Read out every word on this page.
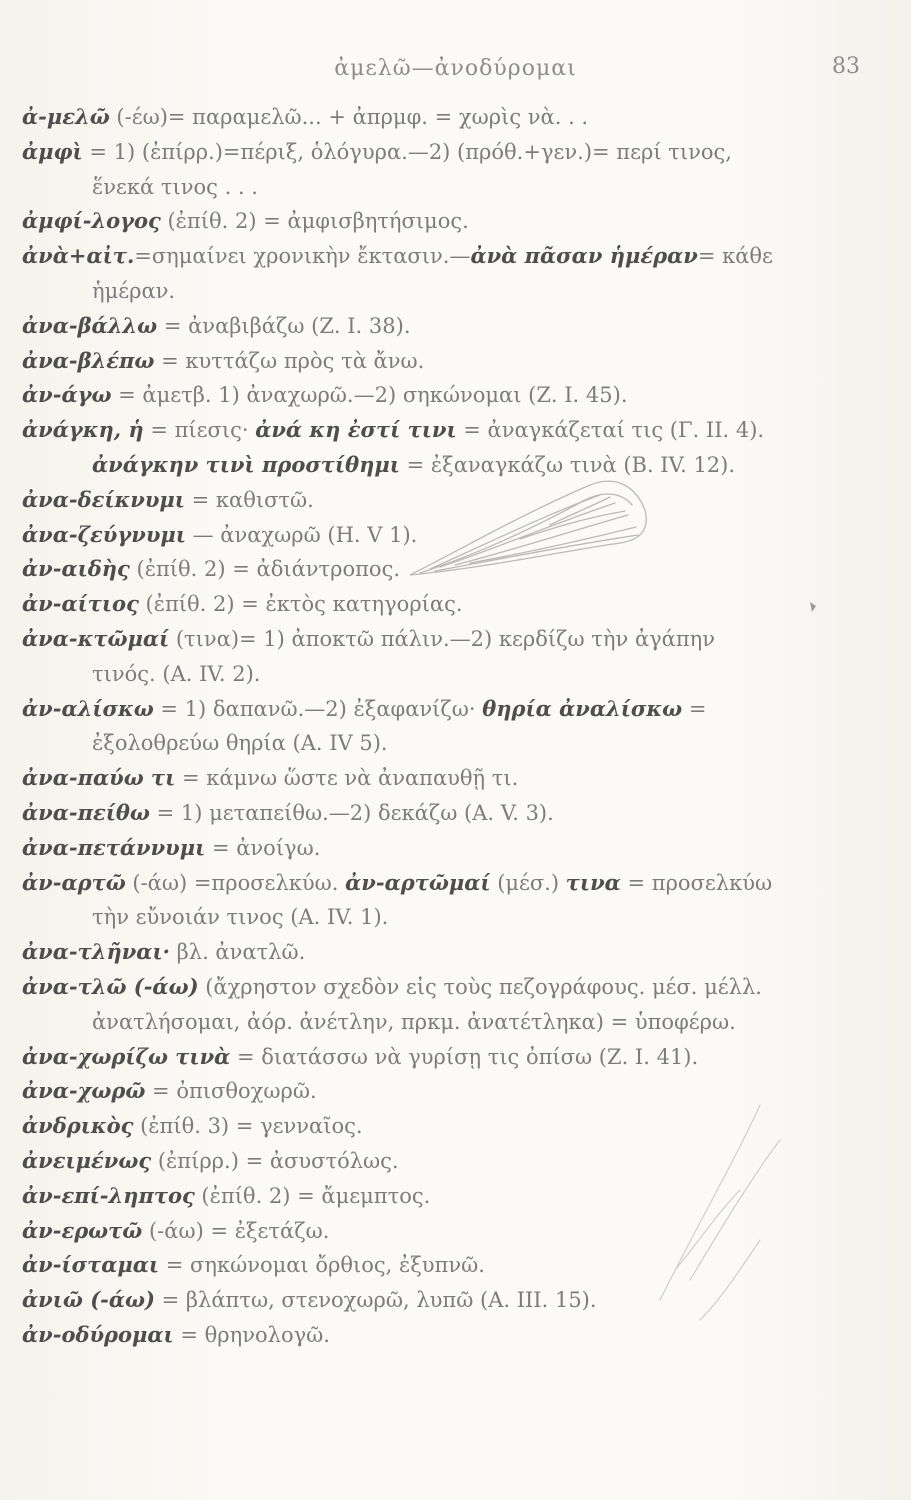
ἀμελῶ—ἀνοδύρομαι	83

ἀ-μελῶ (-έω)= παραμελῶ... + ἀπρμφ. = χωρὶς νὰ. . .

ἀμφὶ = 1) (ἐπίρρ.)=πέριξ, ὁλόγυρα.—2) (πρόθ.+γεν.)= περί τινος, ἕνεκά τινος . . .

ἀμφί-λογος (ἐπίθ. 2) = ἀμφισβητήσιμος.

ἀνὰ+αἰτ.=σημαίνει χρονικὴν ἔκτασιν.—ἀνὰ πᾶσαν ἡμέραν= κάθε ἡμέραν.

ἀνα-βάλλω = ἀναβιβάζω (Ζ. Ι. 38).

ἀνα-βλέπω = κυττάζω πρὸς τὰ ἄνω.

ἀν-άγω = ἀμετβ. 1) ἀναχωρῶ.—2) σηκώνομαι (Ζ. Ι. 45).

ἀνάγκη, ἡ = πίεσις· ἀνά κη ἐστί τινι = ἀναγκάζεταί τις (Γ. ΙΙ. 4). ἀνάγκην τινὶ προστίθημι = ἐξαναγκάζω τινὰ (Β. ΙV. 12).

ἀνα-δείκνυμι = καθιστῶ.

ἀνα-ζεύγνυμι — ἀναχωρῶ (Η. V 1).

ἀν-αιδὴς (ἐπίθ. 2) = ἀδιάντροπος.

ἀν-αίτιος (ἐπίθ. 2) = ἐκτὸς κατηγορίας.

ἀνα-κτῶμαί (τινα)= 1) ἀποκτῶ πάλιν.—2) κερδίζω τὴν ἀγάπην τινός. (Α. ΙV. 2).

ἀν-αλίσκω = 1) δαπανῶ.—2) ἐξαφανίζω· θηρία ἀναλίσκω = ἐξολοθρεύω θηρία (Α. ΙV 5).

ἀνα-παύω τι = κάμνω ὥστε νὰ ἀναπαυθῇ τι.

ἀνα-πείθω = 1) μεταπείθω.—2) δεκάζω (Α. V. 3).

ἀνα-πετάννυμι = ἀνοίγω.

ἀν-αρτῶ (-άω) =προσελκύω. ἀν-αρτῶμαί (μέσ.) τινα = προσελκύω τὴν εὔνοιάν τινος (Α. ΙV. 1).

ἀνα-τλῆναι· βλ. ἀνατλῶ.

ἀνα-τλῶ (-άω) (ἄχρηστον σχεδὸν εἰς τοὺς πεζογράφους. μέσ. μέλλ. ἀνατλήσομαι, ἀόρ. ἀνέτλην, πρκμ. ἀνατέτληκα) = ὑποφέρω.

ἀνα-χωρίζω τινὰ = διατάσσω νὰ γυρίσῃ τις ὀπίσω (Ζ. Ι. 41).

ἀνα-χωρῶ = ὀπισθοχωρῶ.

ἀνδρικὸς (ἐπίθ. 3) = γενναῖος.

ἀνειμένως (ἐπίρρ.) = ἀσυστόλως.

ἀν-επί-ληπτος (ἐπίθ. 2) = ἄμεμπτος.

ἀν-ερωτῶ (-άω) = ἐξετάζω.

ἀν-ίσταμαι = σηκώνομαι ὄρθιος, ἐξυπνῶ.

ἀνιῶ (-άω) = βλάπτω, στενοχωρῶ, λυπῶ (Α. ΙΙΙ. 15).

ἀν-οδύρομαι = θρηνολογῶ.
